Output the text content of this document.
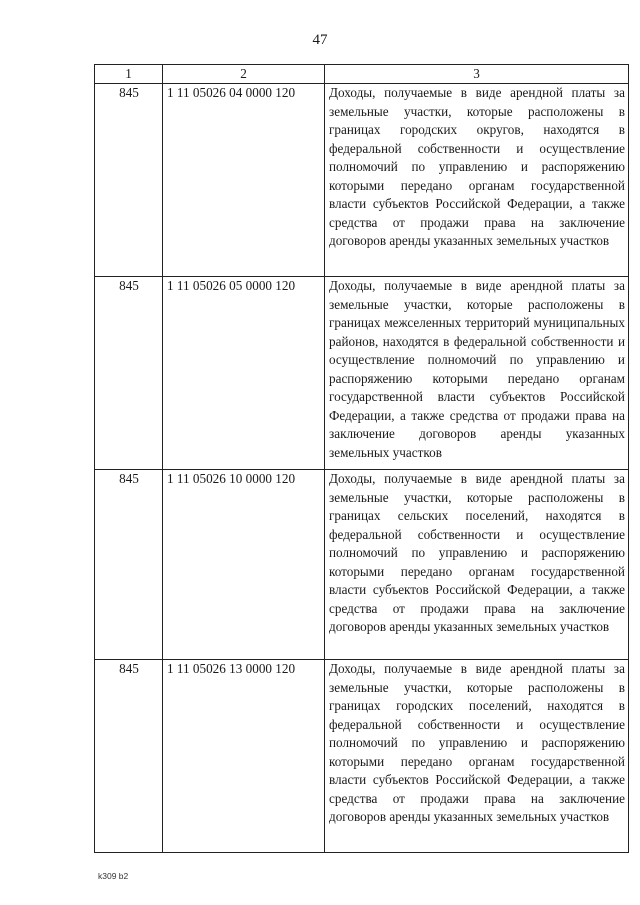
47
1	2	3
845	1 11 05026 04 0000 120	Доходы, получаемые в виде арендной платы за земельные участки, которые расположены в границах городских округов, находятся в федеральной собственности и осуществление полномочий по управлению и распоряжению которыми передано органам государственной власти субъектов Российской Федерации, а также средства от продажи права на заключение договоров аренды указанных земельных участков
845	1 11 05026 05 0000 120	Доходы, получаемые в виде арендной платы за земельные участки, которые расположены в границах межселенных территорий муниципальных районов, находятся в федеральной собственности и осуществление полномочий по управлению и распоряжению которыми передано органам государственной власти субъектов Российской Федерации, а также средства от продажи права на заключение договоров аренды указанных земельных участков
845	1 11 05026 10 0000 120	Доходы, получаемые в виде арендной платы за земельные участки, которые расположены в границах сельских поселений, находятся в федеральной собственности и осуществление полномочий по управлению и распоряжению которыми передано органам государственной власти субъектов Российской Федерации, а также средства от продажи права на заключение договоров аренды указанных земельных участков
845	1 11 05026 13 0000 120	Доходы, получаемые в виде арендной платы за земельные участки, которые расположены в границах городских поселений, находятся в федеральной собственности и осуществление полномочий по управлению и распоряжению которыми передано органам государственной власти субъектов Российской Федерации, а также средства от продажи права на заключение договоров аренды указанных земельных участков
k309 b2
